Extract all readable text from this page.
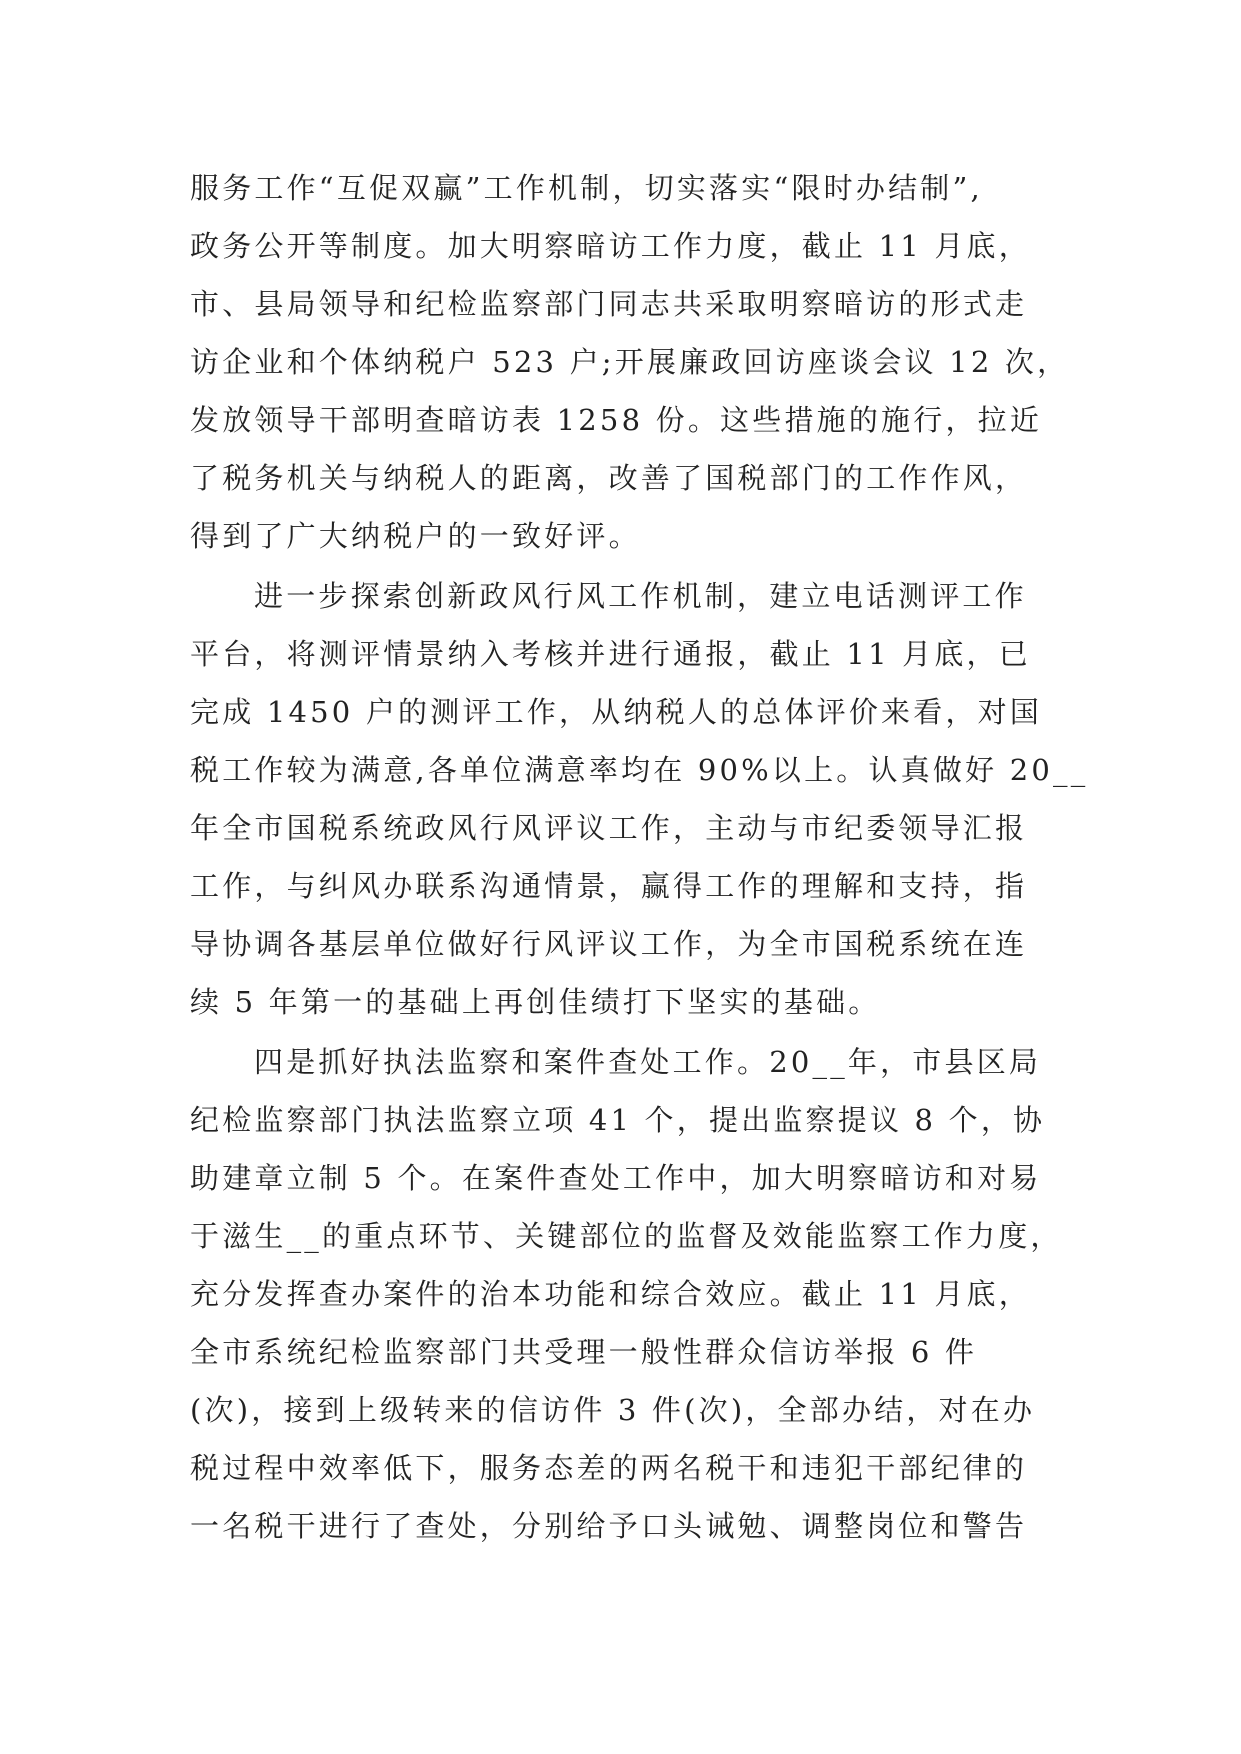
服务工作“互促双赢”工作机制，切实落实“限时办结制”,
政务公开等制度。加大明察暗访工作力度，截止 11 月底，
市、县局领导和纪检监察部门同志共采取明察暗访的形式走
访企业和个体纳税户 523 户;开展廉政回访座谈会议 12 次，
发放领导干部明查暗访表 1258 份。这些措施的施行，拉近
了税务机关与纳税人的距离，改善了国税部门的工作作风，
得到了广大纳税户的一致好评。
进一步探索创新政风行风工作机制，建立电话测评工作
平台，将测评情景纳入考核并进行通报，截止 11 月底，已
完成 1450 户的测评工作，从纳税人的总体评价来看，对国
税工作较为满意,各单位满意率均在 90%以上。认真做好 20__
年全市国税系统政风行风评议工作，主动与市纪委领导汇报
工作，与纠风办联系沟通情景，赢得工作的理解和支持，指
导协调各基层单位做好行风评议工作，为全市国税系统在连
续 5 年第一的基础上再创佳绩打下坚实的基础。
四是抓好执法监察和案件查处工作。20__年，市县区局
纪检监察部门执法监察立项 41 个，提出监察提议 8 个，协
助建章立制 5 个。在案件查处工作中，加大明察暗访和对易
于滋生__的重点环节、关键部位的监督及效能监察工作力度，
充分发挥查办案件的治本功能和综合效应。截止 11 月底，
全市系统纪检监察部门共受理一般性群众信访举报 6 件
(次)，接到上级转来的信访件 3 件(次)，全部办结，对在办
税过程中效率低下，服务态差的两名税干和违犯干部纪律的
一名税干进行了查处，分别给予口头诫勉、调整岗位和警告
